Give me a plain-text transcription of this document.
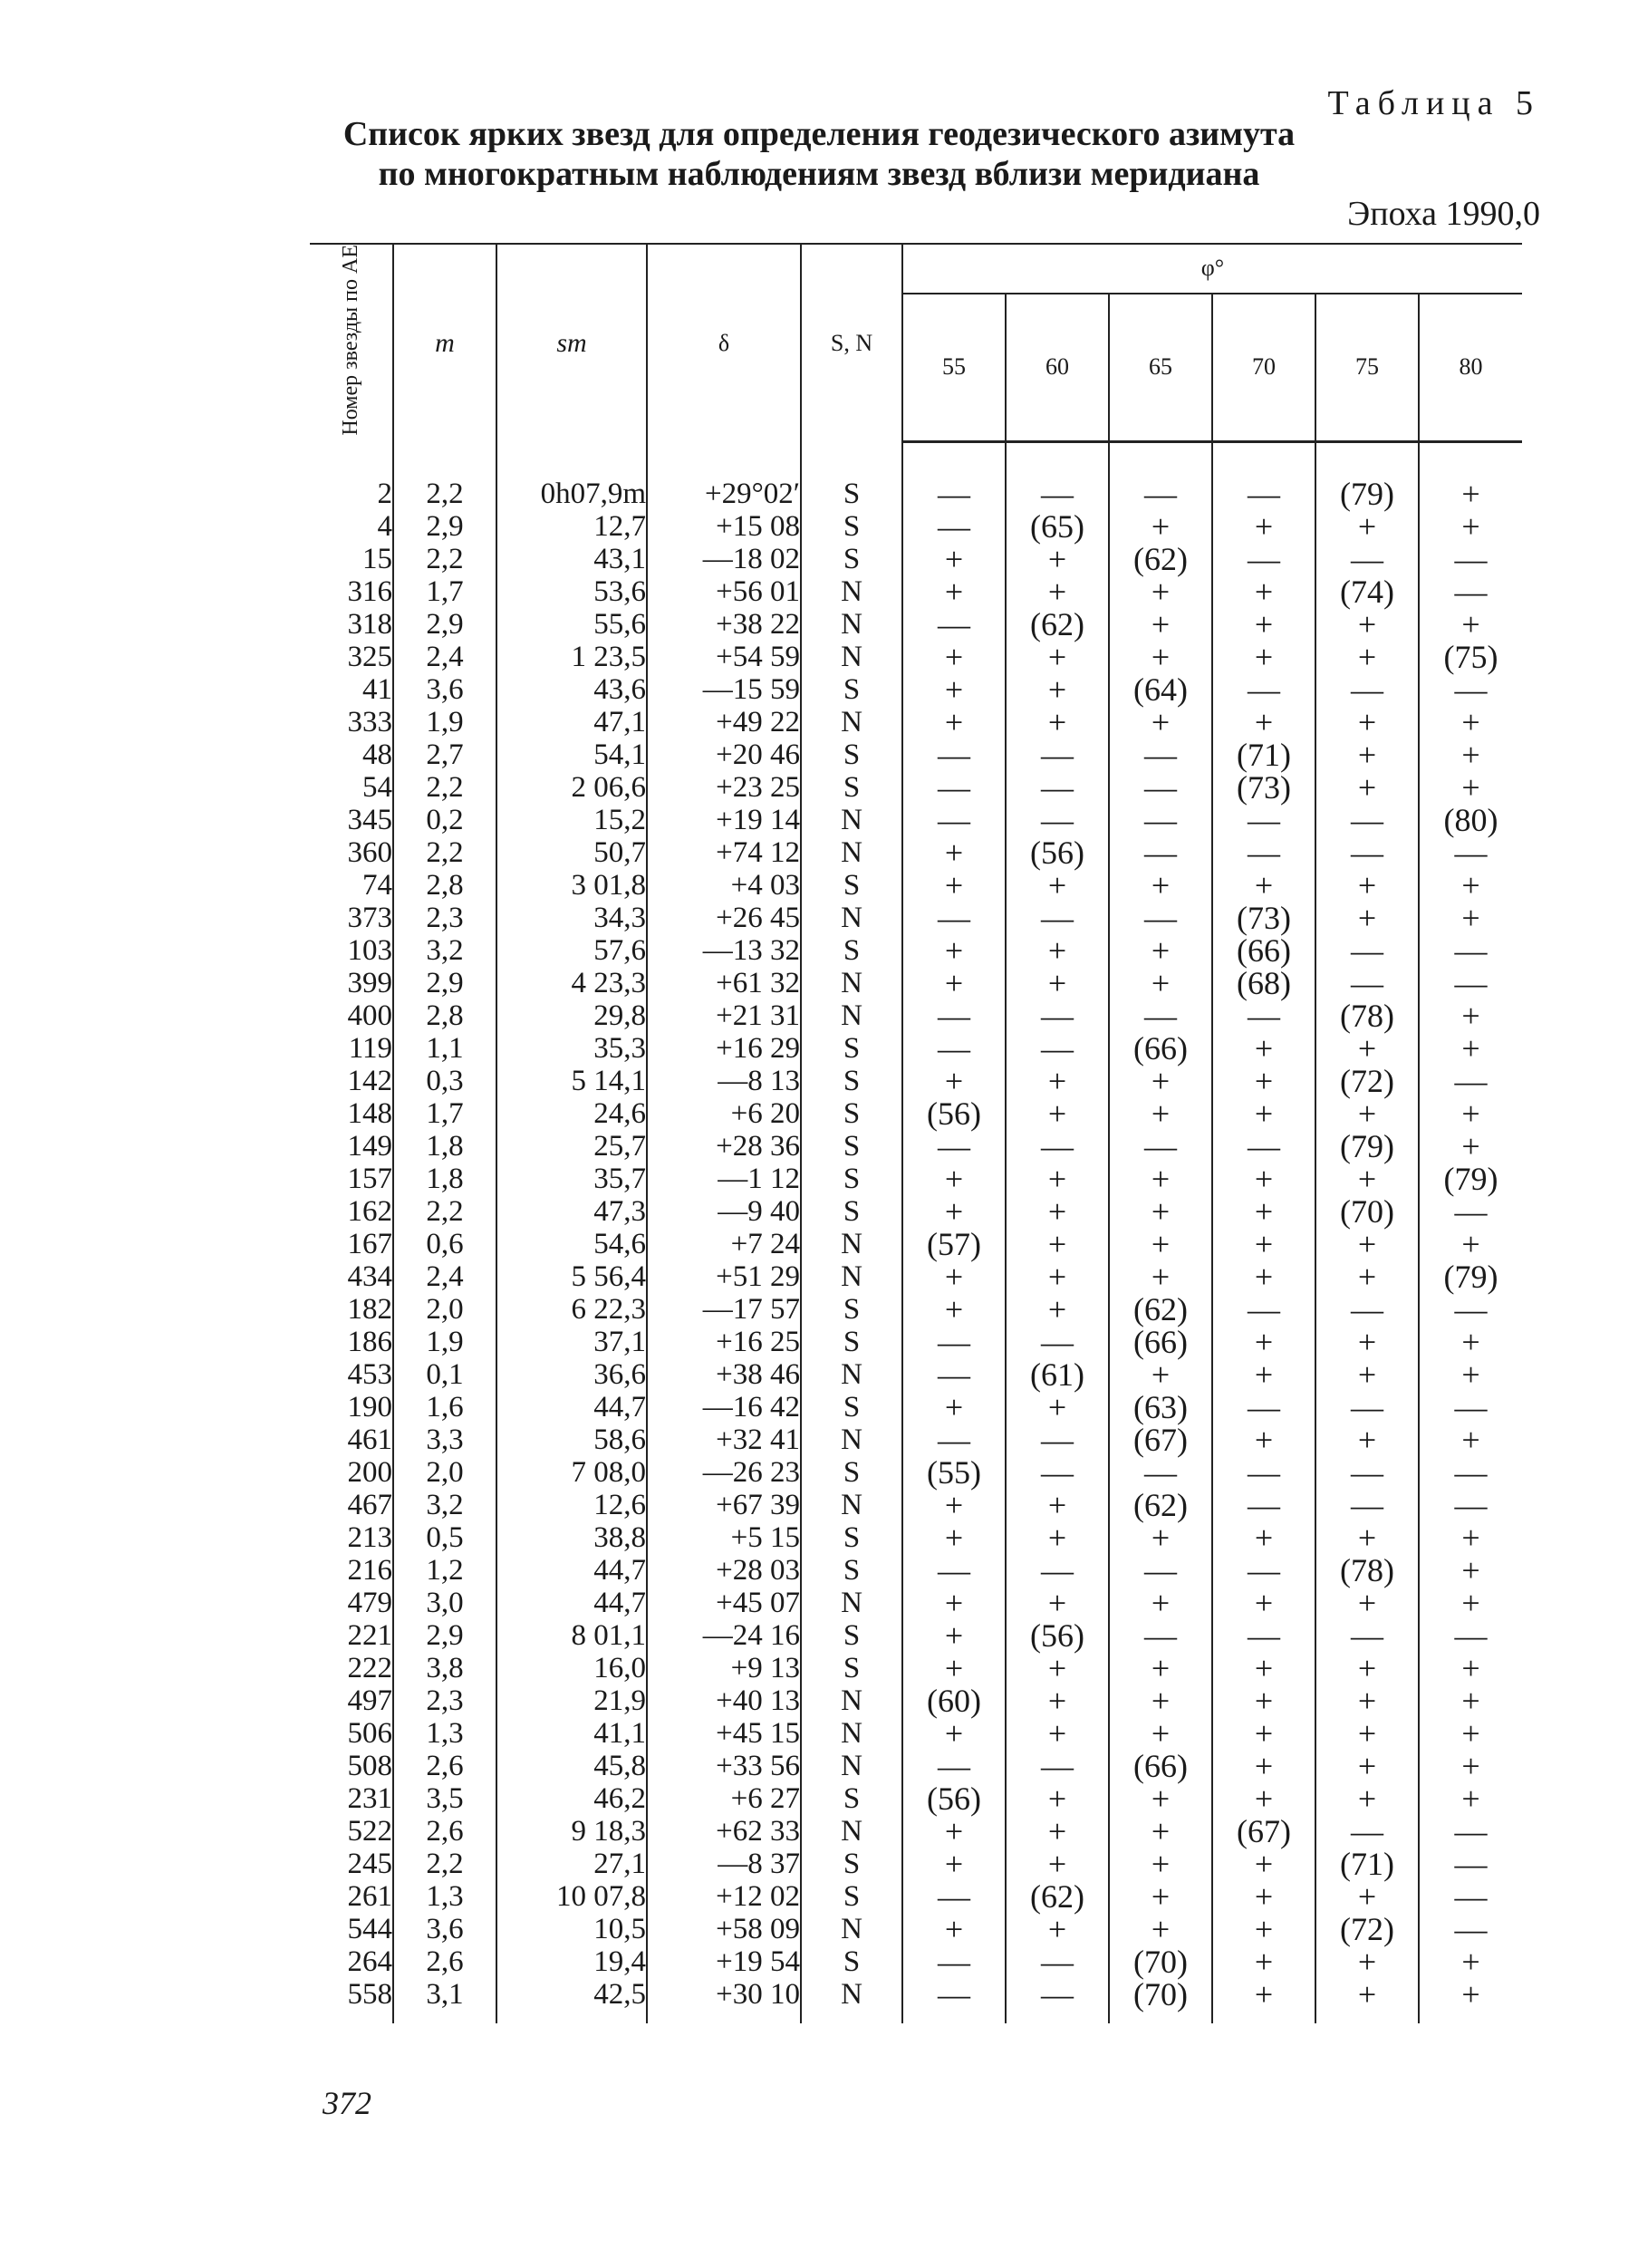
Таблица 5
Список ярких звезд для определения геодезического азимута
по многократным наблюдениям звезд вблизи меридиана
Эпоха 1990,0
Номер звезды по АЕ	m	sm	δ	S, N	φ°					
					55	60	65	70	75	80

2	2,2	0h07,9m	+29°02′	S	—	—	—	—	(79)	+
4	2,9	12,7	+15 08	S	—	(65)	+	+	+	+
15	2,2	43,1	—18 02	S	+	+	(62)	—	—	—
316	1,7	53,6	+56 01	N	+	+	+	+	(74)	—
318	2,9	55,6	+38 22	N	—	(62)	+	+	+	+
325	2,4	1 23,5	+54 59	N	+	+	+	+	+	(75)
41	3,6	43,6	—15 59	S	+	+	(64)	—	—	—
333	1,9	47,1	+49 22	N	+	+	+	+	+	+
48	2,7	54,1	+20 46	S	—	—	—	(71)	+	+
54	2,2	2 06,6	+23 25	S	—	—	—	(73)	+	+
345	0,2	15,2	+19 14	N	—	—	—	—	—	(80)
360	2,2	50,7	+74 12	N	+	(56)	—	—	—	—
74	2,8	3 01,8	+4 03	S	+	+	+	+	+	+
373	2,3	34,3	+26 45	N	—	—	—	(73)	+	+
103	3,2	57,6	—13 32	S	+	+	+	(66)	—	—
399	2,9	4 23,3	+61 32	N	+	+	+	(68)	—	—
400	2,8	29,8	+21 31	N	—	—	—	—	(78)	+
119	1,1	35,3	+16 29	S	—	—	(66)	+	+	+
142	0,3	5 14,1	—8 13	S	+	+	+	+	(72)	—
148	1,7	24,6	+6 20	S	(56)	+	+	+	+	+
149	1,8	25,7	+28 36	S	—	—	—	—	(79)	+
157	1,8	35,7	—1 12	S	+	+	+	+	+	(79)
162	2,2	47,3	—9 40	S	+	+	+	+	(70)	—
167	0,6	54,6	+7 24	N	(57)	+	+	+	+	+
434	2,4	5 56,4	+51 29	N	+	+	+	+	+	(79)
182	2,0	6 22,3	—17 57	S	+	+	(62)	—	—	—
186	1,9	37,1	+16 25	S	—	—	(66)	+	+	+
453	0,1	36,6	+38 46	N	—	(61)	+	+	+	+
190	1,6	44,7	—16 42	S	+	+	(63)	—	—	—
461	3,3	58,6	+32 41	N	—	—	(67)	+	+	+
200	2,0	7 08,0	—26 23	S	(55)	—	—	—	—	—
467	3,2	12,6	+67 39	N	+	+	(62)	—	—	—
213	0,5	38,8	+5 15	S	+	+	+	+	+	+
216	1,2	44,7	+28 03	S	—	—	—	—	(78)	+
479	3,0	44,7	+45 07	N	+	+	+	+	+	+
221	2,9	8 01,1	—24 16	S	+	(56)	—	—	—	—
222	3,8	16,0	+9 13	S	+	+	+	+	+	+
497	2,3	21,9	+40 13	N	(60)	+	+	+	+	+
506	1,3	41,1	+45 15	N	+	+	+	+	+	+
508	2,6	45,8	+33 56	N	—	—	(66)	+	+	+
231	3,5	46,2	+6 27	S	(56)	+	+	+	+	+
522	2,6	9 18,3	+62 33	N	+	+	+	(67)	—	—
245	2,2	27,1	—8 37	S	+	+	+	+	(71)	—
261	1,3	10 07,8	+12 02	S	—	(62)	+	+	+	—
544	3,6	10,5	+58 09	N	+	+	+	+	(72)	—
264	2,6	19,4	+19 54	S	—	—	(70)	+	+	+
558	3,1	42,5	+30 10	N	—	—	(70)	+	+	+

372
